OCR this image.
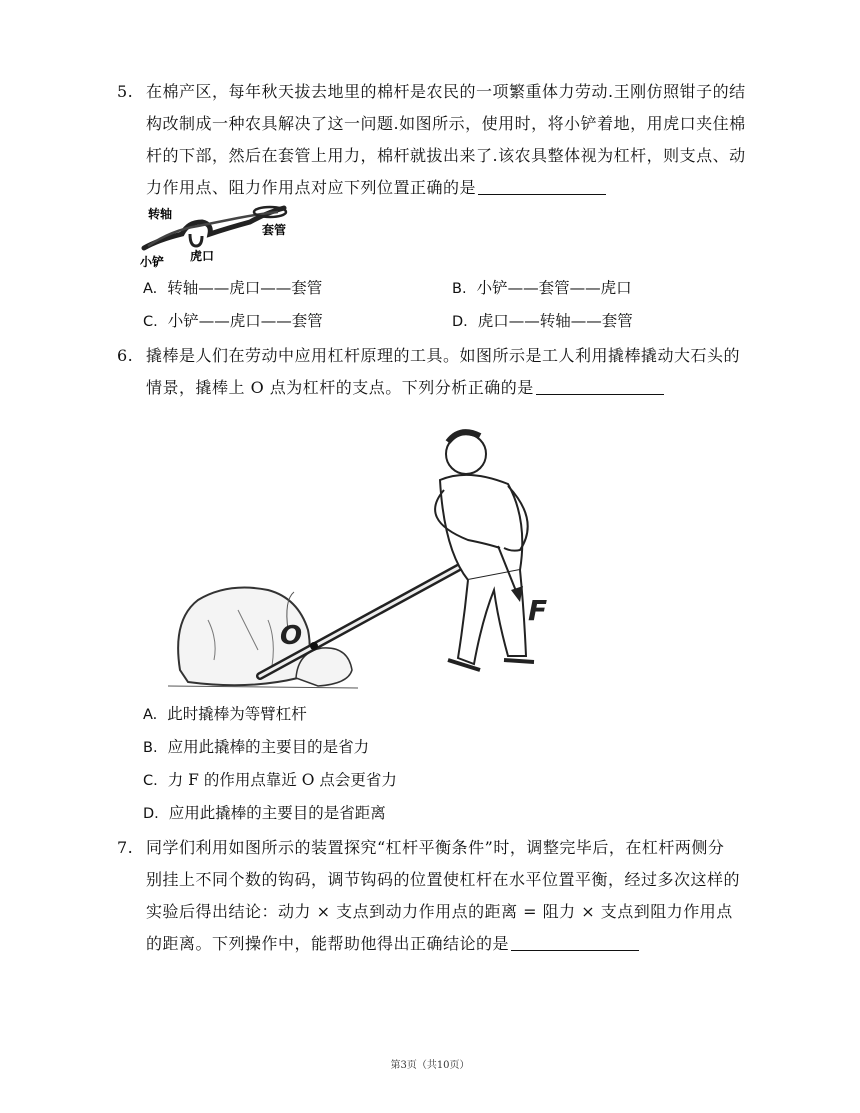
5. 在棉产区，每年秋天拔去地里的棉杆是农民的一项繁重体力劳动.王刚仿照钳子的结
构改制成一种农具解决了这一问题.如图所示，使用时，将小铲着地，用虎口夹住棉
杆的下部，然后在套管上用力，棉杆就拔出来了.该农具整体视为杠杆，则支点、动
力作用点、阻力作用点对应下列位置正确的是
转轴
套管
虎口
小铲
A. 转轴——虎口——套管	B. 小铲——套管——虎口
C. 小铲——虎口——套管	D. 虎口——转轴——套管
6. 撬棒是人们在劳动中应用杠杆原理的工具。如图所示是工人利用撬棒撬动大石头的
情景，撬棒上 O 点为杠杆的支点。下列分析正确的是
O
F
A. 此时撬棒为等臂杠杆
B. 应用此撬棒的主要目的是省力
C. 力 F 的作用点靠近 O 点会更省力
D. 应用此撬棒的主要目的是省距离
7. 同学们利用如图所示的装置探究“杠杆平衡条件”时，调整完毕后，在杠杆两侧分
别挂上不同个数的钩码，调节钩码的位置使杠杆在水平位置平衡，经过多次这样的
实验后得出结论：动力 × 支点到动力作用点的距离 = 阻力 × 支点到阻力作用点
的距离。下列操作中，能帮助他得出正确结论的是
第3页（共10页）
